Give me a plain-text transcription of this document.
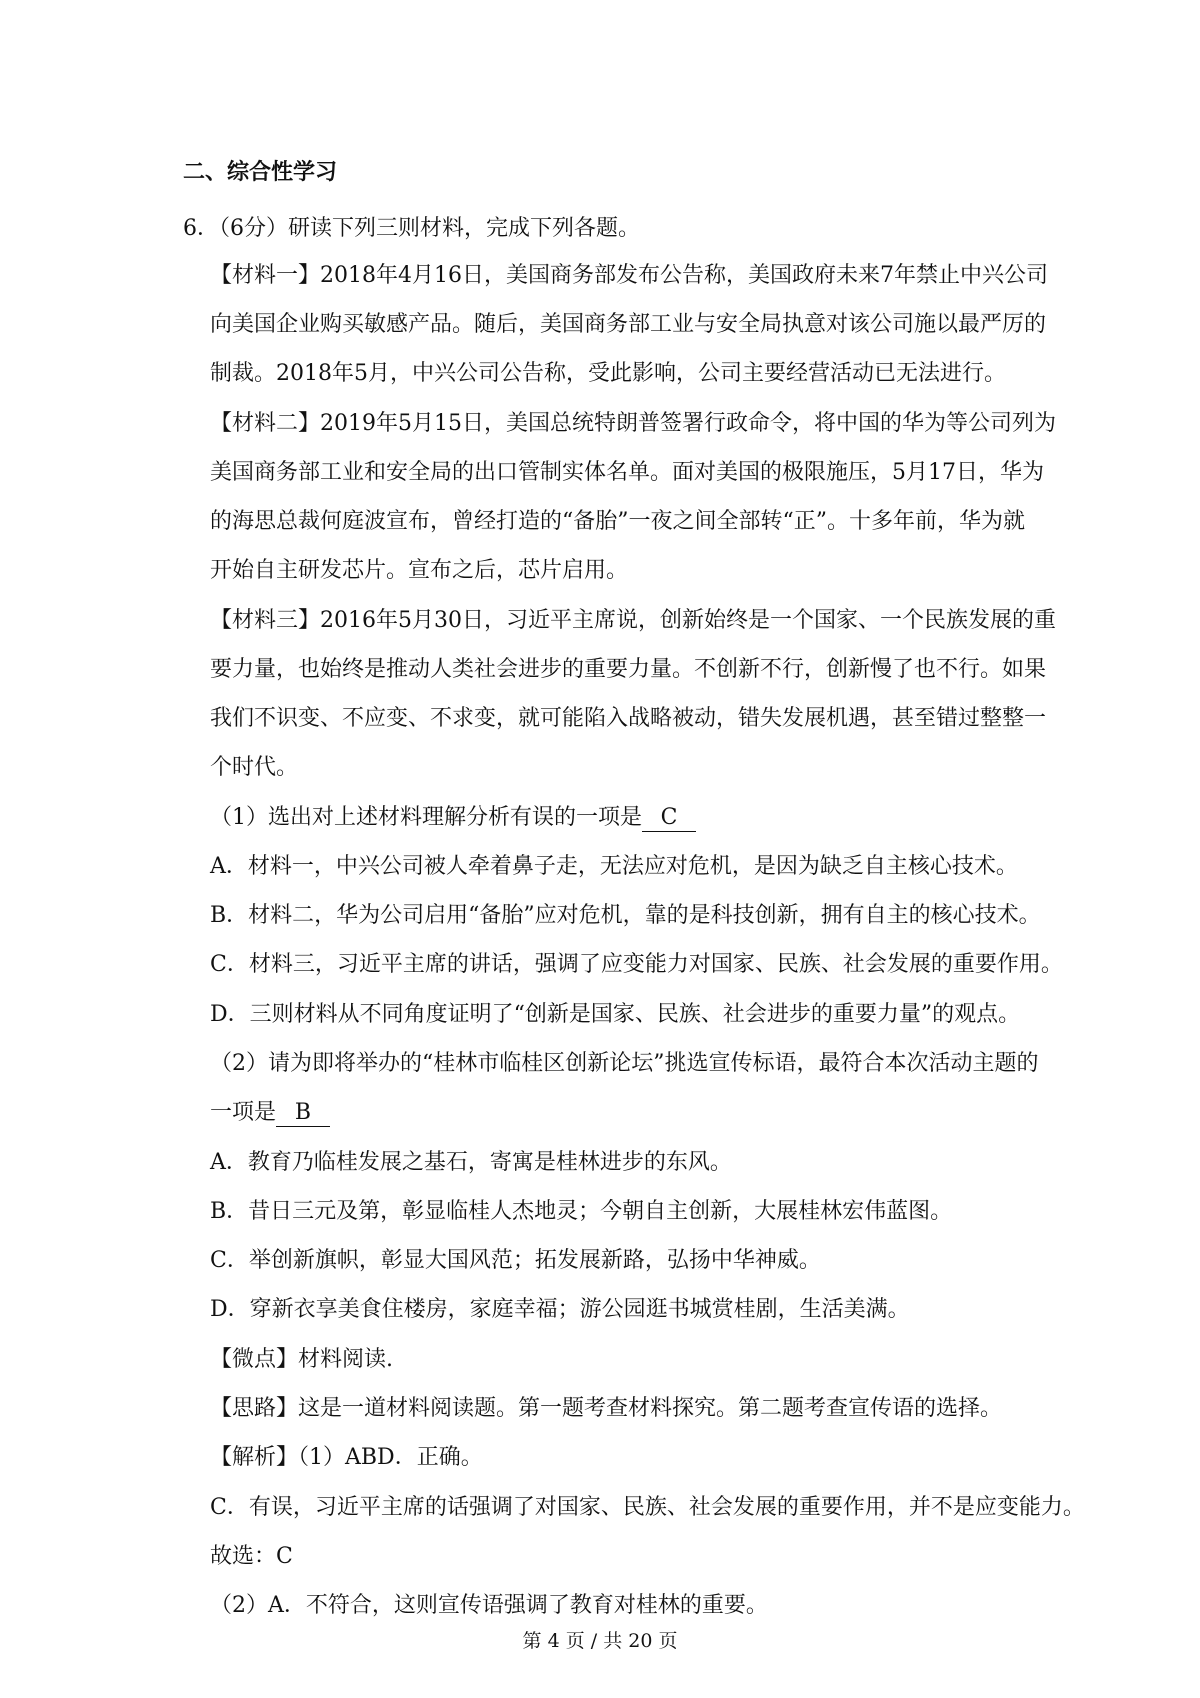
二、综合性学习
6．（6分）研读下列三则材料，完成下列各题。
【材料一】2018年4月16日，美国商务部发布公告称，美国政府未来7年禁止中兴公司
向美国企业购买敏感产品。随后，美国商务部工业与安全局执意对该公司施以最严厉的
制裁。2018年5月，中兴公司公告称，受此影响，公司主要经营活动已无法进行。
【材料二】2019年5月15日，美国总统特朗普签署行政命令，将中国的华为等公司列为
美国商务部工业和安全局的出口管制实体名单。面对美国的极限施压，5月17日，华为
的海思总裁何庭波宣布，曾经打造的“备胎”一夜之间全部转“正”。十多年前，华为就
开始自主研发芯片。宣布之后，芯片启用。
【材料三】2016年5月30日，习近平主席说，创新始终是一个国家、一个民族发展的重
要力量，也始终是推动人类社会进步的重要力量。不创新不行，创新慢了也不行。如果
我们不识变、不应变、不求变，就可能陷入战略被动，错失发展机遇，甚至错过整整一
个时代。
（1）选出对上述材料理解分析有误的一项是 C
A．材料一，中兴公司被人牵着鼻子走，无法应对危机，是因为缺乏自主核心技术。
B．材料二，华为公司启用“备胎”应对危机，靠的是科技创新，拥有自主的核心技术。
C．材料三，习近平主席的讲话，强调了应变能力对国家、民族、社会发展的重要作用。
D．三则材料从不同角度证明了“创新是国家、民族、社会进步的重要力量”的观点。
（2）请为即将举办的“桂林市临桂区创新论坛”挑选宣传标语，最符合本次活动主题的
一项是 B
A．教育乃临桂发展之基石，寄寓是桂林进步的东风。
B．昔日三元及第，彰显临桂人杰地灵；今朝自主创新，大展桂林宏伟蓝图。
C．举创新旗帜，彰显大国风范；拓发展新路，弘扬中华神威。
D．穿新衣享美食住楼房，家庭幸福；游公园逛书城赏桂剧，生活美满。
【微点】材料阅读.
【思路】这是一道材料阅读题。第一题考查材料探究。第二题考查宣传语的选择。
【解析】（1）ABD．正确。
C．有误，习近平主席的话强调了对国家、民族、社会发展的重要作用，并不是应变能力。
故选：C
（2）A．不符合，这则宣传语强调了教育对桂林的重要。
第 4 页 / 共 20 页
